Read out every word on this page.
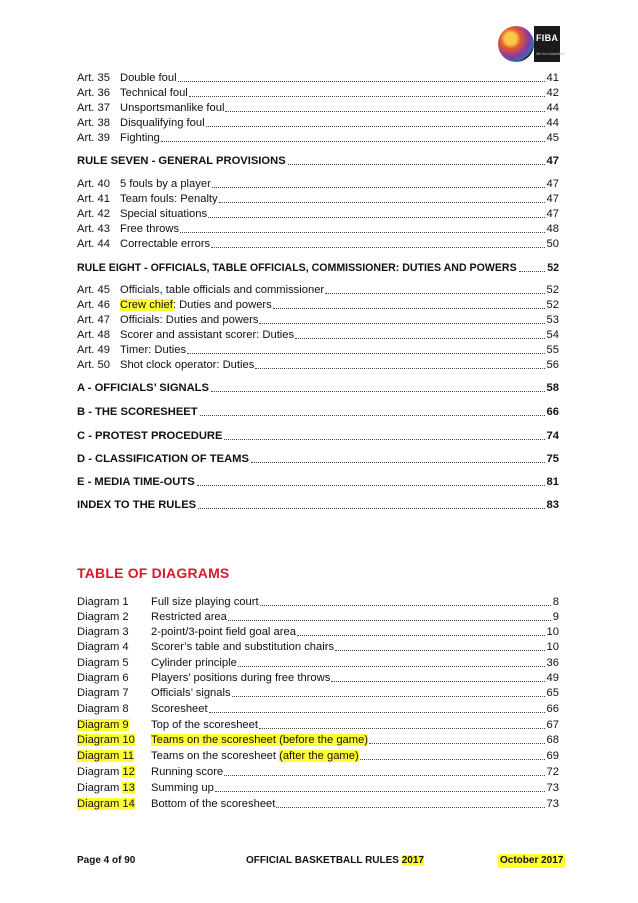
FIBA
We Are Basketball
Art. 35 Double foul	41
Art. 36 Technical foul	42
Art. 37 Unsportsmanlike foul	44
Art. 38 Disqualifying foul	44
Art. 39 Fighting	45
RULE SEVEN - GENERAL PROVISIONS	47
Art. 40 5 fouls by a player	47
Art. 41 Team fouls: Penalty	47
Art. 42 Special situations	47
Art. 43 Free throws	48
Art. 44 Correctable errors	50
RULE EIGHT - OFFICIALS, TABLE OFFICIALS, COMMISSIONER: DUTIES AND POWERS	52
Art. 45 Officials, table officials and commissioner	52
Art. 46 Crew chief: Duties and powers	52
Art. 47 Officials: Duties and powers	53
Art. 48 Scorer and assistant scorer: Duties	54
Art. 49 Timer: Duties	55
Art. 50 Shot clock operator: Duties	56
A - OFFICIALS’ SIGNALS	58
B - THE SCORESHEET	66
C - PROTEST PROCEDURE	74
D - CLASSIFICATION OF TEAMS	75
E - MEDIA TIME-OUTS	81
INDEX TO THE RULES	83
TABLE OF DIAGRAMS
Diagram 1	Full size playing court	8
Diagram 2	Restricted area	9
Diagram 3	2-point/3-point field goal area	10
Diagram 4	Scorer’s table and substitution chairs	10
Diagram 5	Cylinder principle	36
Diagram 6	Players’ positions during free throws	49
Diagram 7	Officials’ signals	65
Diagram 8	Scoresheet	66
Diagram 9	Top of the scoresheet	67
Diagram 10	Teams on the scoresheet (before the game)	68
Diagram 11	Teams on the scoresheet (after the game)	69
Diagram 12	Running score	72
Diagram 13	Summing up	73
Diagram 14	Bottom of the scoresheet	73
Page 4 of 90	OFFICIAL BASKETBALL RULES 2017	October 2017
